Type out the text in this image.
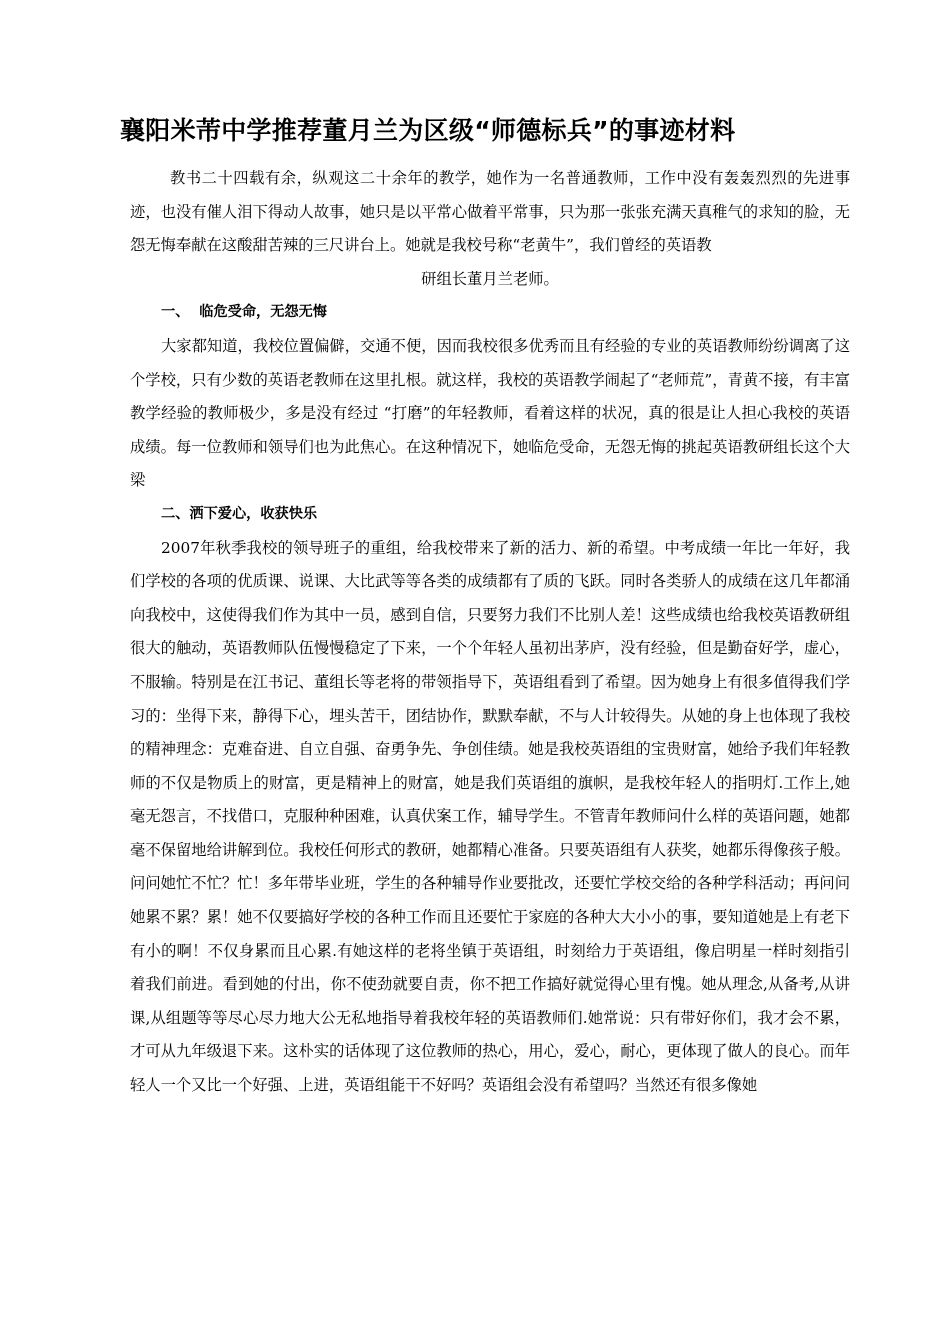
襄阳米芾中学推荐董月兰为区级“师德标兵”的事迹材料

教书二十四载有余，纵观这二十余年的教学，她作为一名普通教师，工作中没有轰轰烈烈的先进事迹，也没有催人泪下得动人故事，她只是以平常心做着平常事，只为那一张张充满天真稚气的求知的脸，无怨无悔奉献在这酸甜苦辣的三尺讲台上。她就是我校号称“老黄牛”，我们曾经的英语教

研组长董月兰老师。

一、  临危受命，无怨无悔

大家都知道，我校位置偏僻，交通不便，因而我校很多优秀而且有经验的专业的英语教师纷纷调离了这个学校，只有少数的英语老教师在这里扎根。就这样，我校的英语教学闹起了“老师荒”，青黄不接，有丰富教学经验的教师极少，多是没有经过 “打磨”的年轻教师，看着这样的状况，真的很是让人担心我校的英语成绩。每一位教师和领导们也为此焦心。在这种情况下，她临危受命，无怨无悔的挑起英语教研组长这个大梁

二、洒下爱心，收获快乐

2007年秋季我校的领导班子的重组，给我校带来了新的活力、新的希望。中考成绩一年比一年好，我们学校的各项的优质课、说课、大比武等等各类的成绩都有了质的飞跃。同时各类骄人的成绩在这几年都涌向我校中，这使得我们作为其中一员，感到自信，只要努力我们不比别人差！这些成绩也给我校英语教研组很大的触动，英语教师队伍慢慢稳定了下来，一个个年轻人虽初出茅庐，没有经验，但是勤奋好学，虚心，不服输。特别是在江书记、董组长等老将的带领指导下，英语组看到了希望。因为她身上有很多值得我们学习的：坐得下来，静得下心，埋头苦干，团结协作，默默奉献，不与人计较得失。从她的身上也体现了我校的精神理念：克难奋进、自立自强、奋勇争先、争创佳绩。她是我校英语组的宝贵财富，她给予我们年轻教师的不仅是物质上的财富，更是精神上的财富，她是我们英语组的旗帜，是我校年轻人的指明灯.工作上,她毫无怨言，不找借口，克服种种困难，认真伏案工作，辅导学生。不管青年教师问什么样的英语问题，她都毫不保留地给讲解到位。我校任何形式的教研，她都精心准备。只要英语组有人获奖，她都乐得像孩子般。问问她忙不忙？忙！多年带毕业班，学生的各种辅导作业要批改，还要忙学校交给的各种学科活动；再问问她累不累？累！她不仅要搞好学校的各种工作而且还要忙于家庭的各种大大小小的事，要知道她是上有老下有小的啊！不仅身累而且心累.有她这样的老将坐镇于英语组，时刻给力于英语组，像启明星一样时刻指引着我们前进。看到她的付出，你不使劲就要自责，你不把工作搞好就觉得心里有愧。她从理念,从备考,从讲课,从组题等等尽心尽力地大公无私地指导着我校年轻的英语教师们.她常说：只有带好你们，我才会不累，才可从九年级退下来。这朴实的话体现了这位教师的热心，用心，爱心，耐心，更体现了做人的良心。而年轻人一个又比一个好强、上进，英语组能干不好吗？英语组会没有希望吗？当然还有很多像她
